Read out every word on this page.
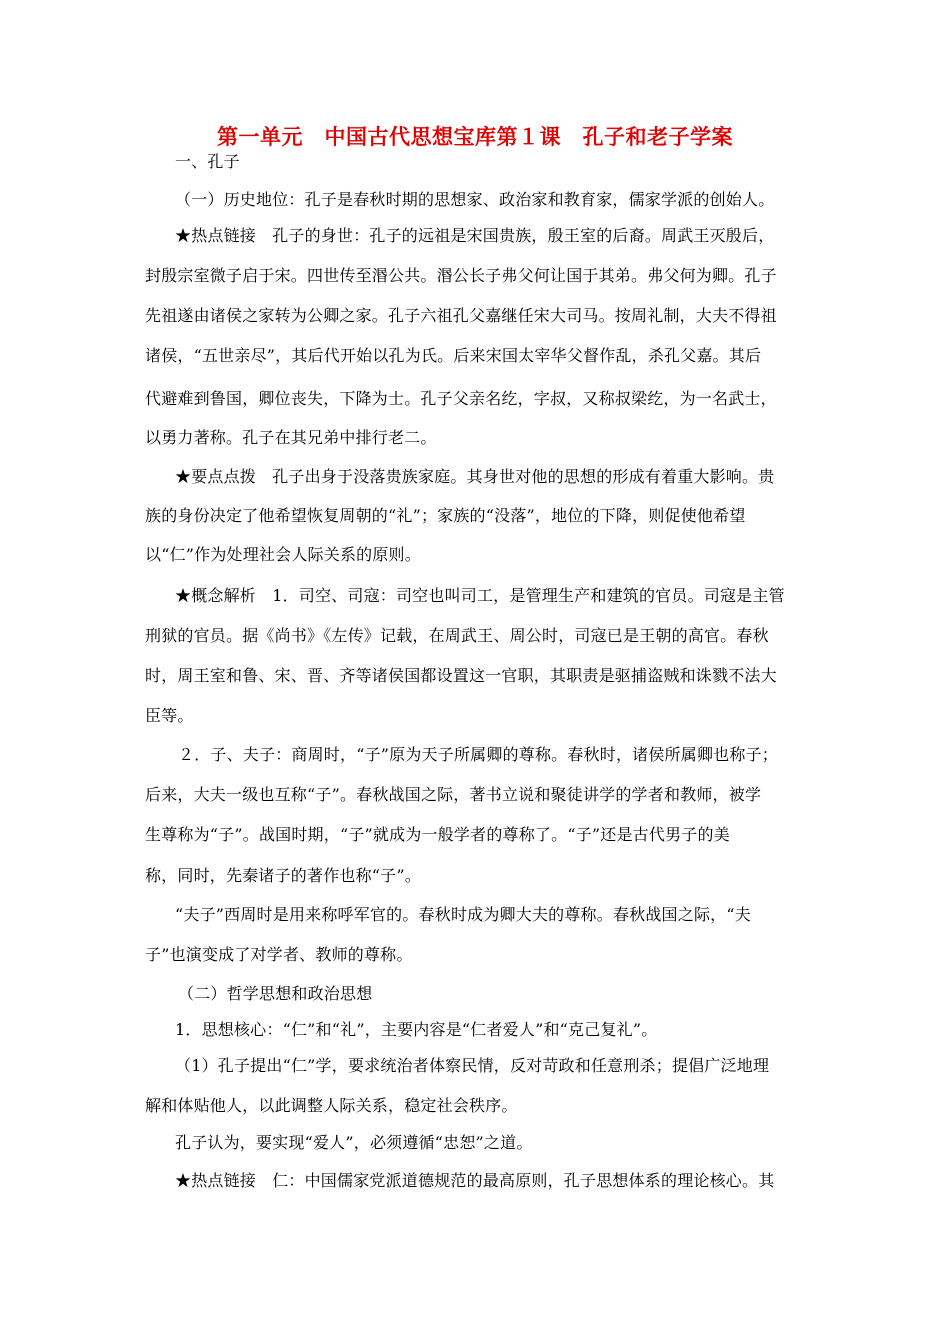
第一单元　中国古代思想宝库第１课　孔子和老子学案
一、孔子
（一）历史地位：孔子是春秋时期的思想家、政治家和教育家，儒家学派的创始人。
★热点链接　孔子的身世：孔子的远祖是宋国贵族，殷王室的后裔。周武王灭殷后，
封殷宗室微子启于宋。四世传至湣公共。湣公长子弗父何让国于其弟。弗父何为卿。孔子
先祖遂由诸侯之家转为公卿之家。孔子六祖孔父嘉继任宋大司马。按周礼制，大夫不得祖
诸侯，“五世亲尽”，其后代开始以孔为氏。后来宋国太宰华父督作乱，杀孔父嘉。其后
代避难到鲁国，卿位丧失，下降为士。孔子父亲名纥，字叔，又称叔梁纥，为一名武士，
以勇力著称。孔子在其兄弟中排行老二。
★要点点拨　孔子出身于没落贵族家庭。其身世对他的思想的形成有着重大影响。贵
族的身份决定了他希望恢复周朝的“礼”；家族的“没落”，地位的下降，则促使他希望
以“仁”作为处理社会人际关系的原则。
★概念解析　1．司空、司寇：司空也叫司工，是管理生产和建筑的官员。司寇是主管
刑狱的官员。据《尚书》《左传》记载，在周武王、周公时，司寇已是王朝的高官。春秋
时，周王室和鲁、宋、晋、齐等诸侯国都设置这一官职，其职责是驱捕盗贼和诛戮不法大
臣等。
２．子、夫子：商周时，“子”原为天子所属卿的尊称。春秋时，诸侯所属卿也称子；
后来，大夫一级也互称“子”。春秋战国之际，著书立说和聚徒讲学的学者和教师，被学
生尊称为“子”。战国时期，“子”就成为一般学者的尊称了。“子”还是古代男子的美
称，同时，先秦诸子的著作也称“子”。
“夫子”西周时是用来称呼军官的。春秋时成为卿大夫的尊称。春秋战国之际，“夫
子”也演变成了对学者、教师的尊称。
（二）哲学思想和政治思想
1．思想核心：“仁”和“礼”，主要内容是“仁者爱人”和“克己复礼”。
（1）孔子提出“仁”学，要求统治者体察民情，反对苛政和任意刑杀；提倡广泛地理
解和体贴他人，以此调整人际关系，稳定社会秩序。
孔子认为，要实现“爱人”，必须遵循“忠恕”之道。
★热点链接　仁：中国儒家党派道德规范的最高原则，孔子思想体系的理论核心。其
